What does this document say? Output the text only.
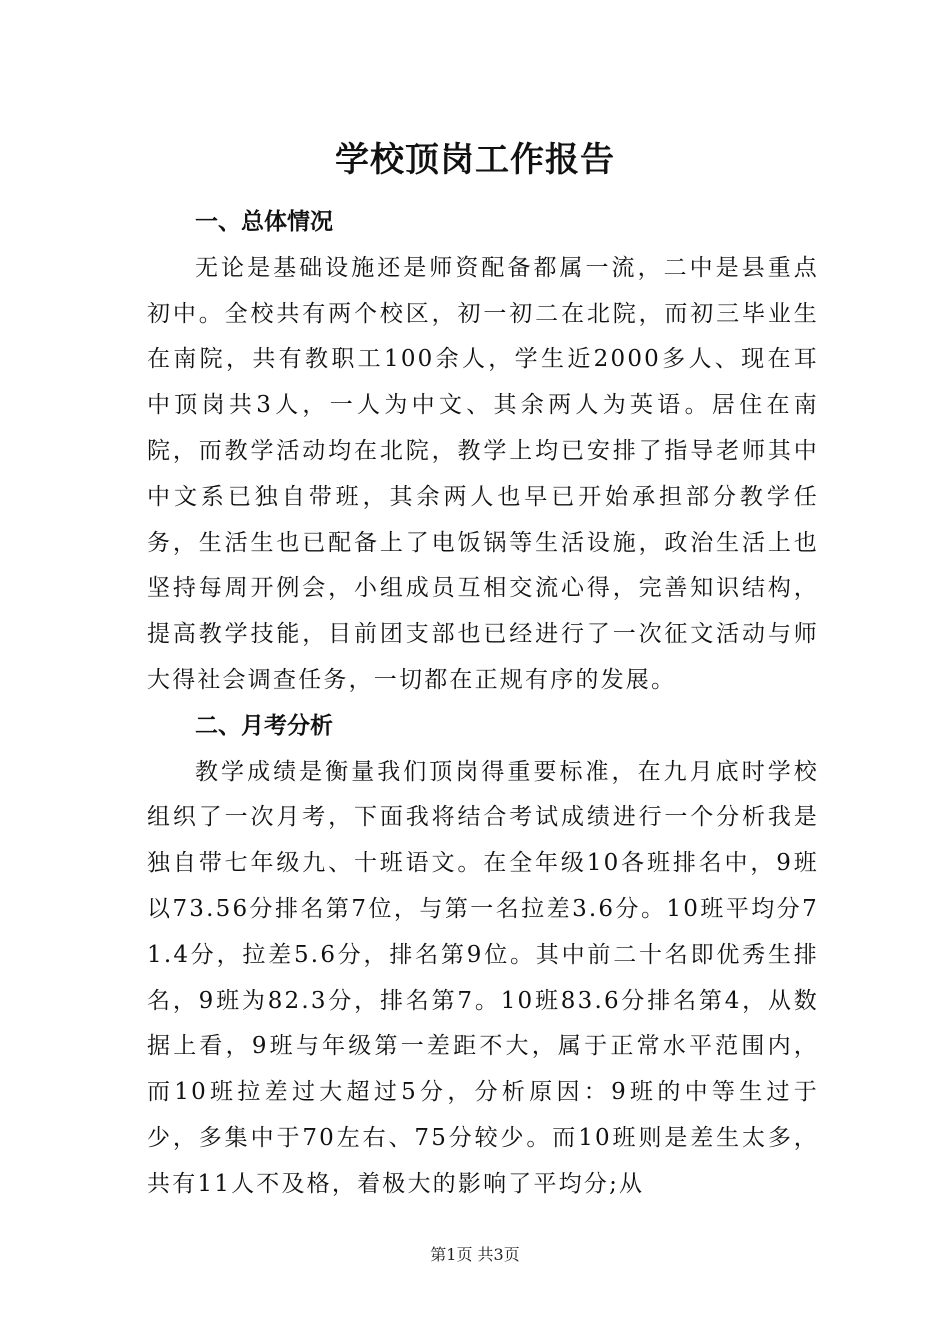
学校顶岗工作报告
一、总体情况

无论是基础设施还是师资配备都属一流，二中是县重点初中。全校共有两个校区，初一初二在北院，而初三毕业生在南院，共有教职工100余人，学生近2000多人、现在耳中顶岗共3人，一人为中文、其余两人为英语。居住在南院，而教学活动均在北院，教学上均已安排了指导老师其中中文系已独自带班，其余两人也早已开始承担部分教学任务，生活生也已配备上了电饭锅等生活设施，政治生活上也坚持每周开例会，小组成员互相交流心得，完善知识结构，提高教学技能，目前团支部也已经进行了一次征文活动与师大得社会调查任务，一切都在正规有序的发展。

二、月考分析

教学成绩是衡量我们顶岗得重要标准，在九月底时学校组织了一次月考，下面我将结合考试成绩进行一个分析我是独自带七年级九、十班语文。在全年级10各班排名中，9班以73.56分排名第7位，与第一名拉差3.6分。10班平均分71.4分，拉差5.6分，排名第9位。其中前二十名即优秀生排名，9班为82.3分，排名第7。10班83.6分排名第4，从数据上看，9班与年级第一差距不大，属于正常水平范围内，而10班拉差过大超过5分，分析原因：9班的中等生过于少，多集中于70左右、75分较少。而10班则是差生太多，共有11人不及格，着极大的影响了平均分;从

第1页 共3页
